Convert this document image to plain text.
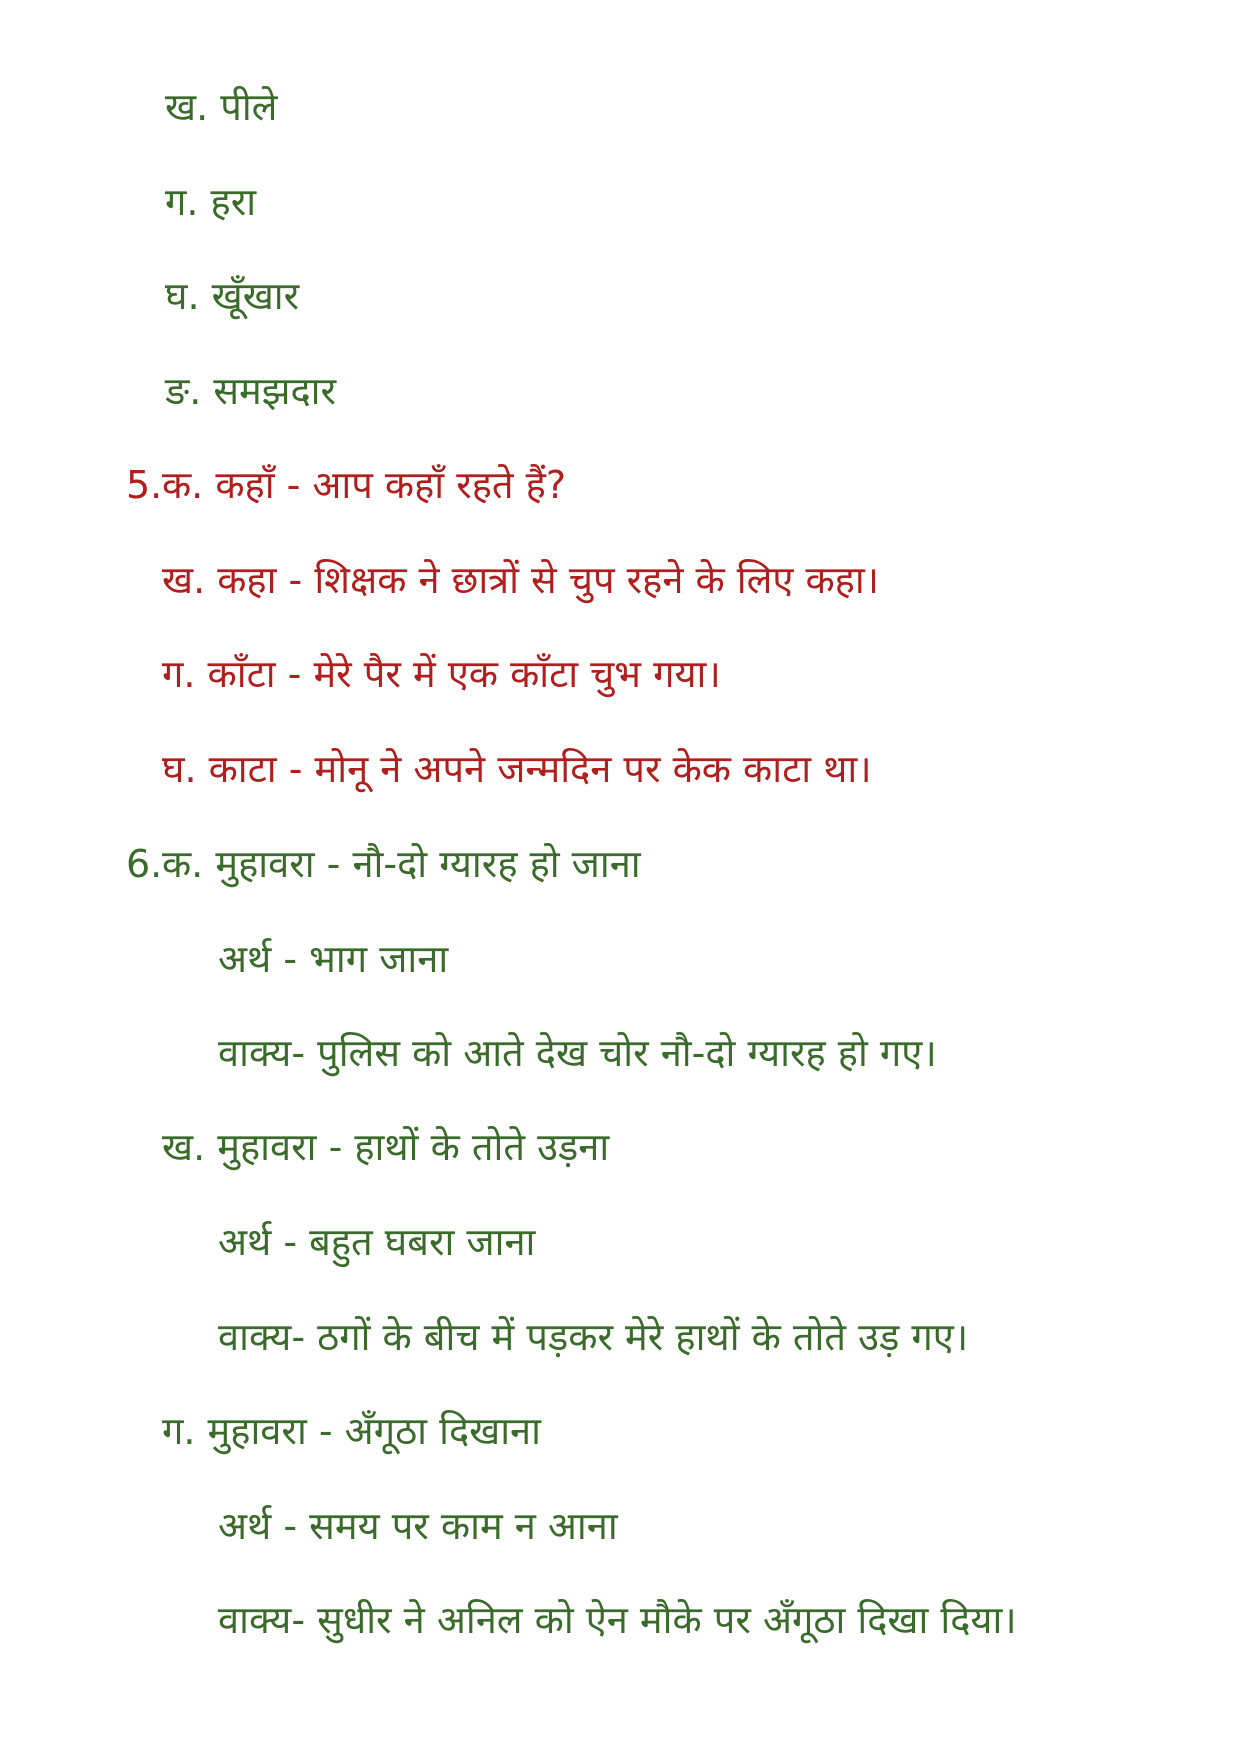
ख. पीले
ग. हरा
घ. खूँखार
ङ. समझदार
5. क. कहाँ - आप कहाँ रहते हैं?
ख. कहा - शिक्षक ने छात्रों से चुप रहने के लिए कहा।
ग. काँटा - मेरे पैर में एक काँटा चुभ गया।
घ. काटा - मोनू ने अपने जन्मदिन पर केक काटा था।
6. क. मुहावरा - नौ-दो ग्यारह हो जाना
अर्थ - भाग जाना
वाक्य- पुलिस को आते देख चोर नौ-दो ग्यारह हो गए।
ख. मुहावरा - हाथों के तोते उड़ना
अर्थ - बहुत घबरा जाना
वाक्य- ठगों के बीच में पड़कर मेरे हाथों के तोते उड़ गए।
ग. मुहावरा - अँगूठा दिखाना
अर्थ - समय पर काम न आना
वाक्य- सुधीर ने अनिल को ऐन मौके पर अँगूठा दिखा दिया।
